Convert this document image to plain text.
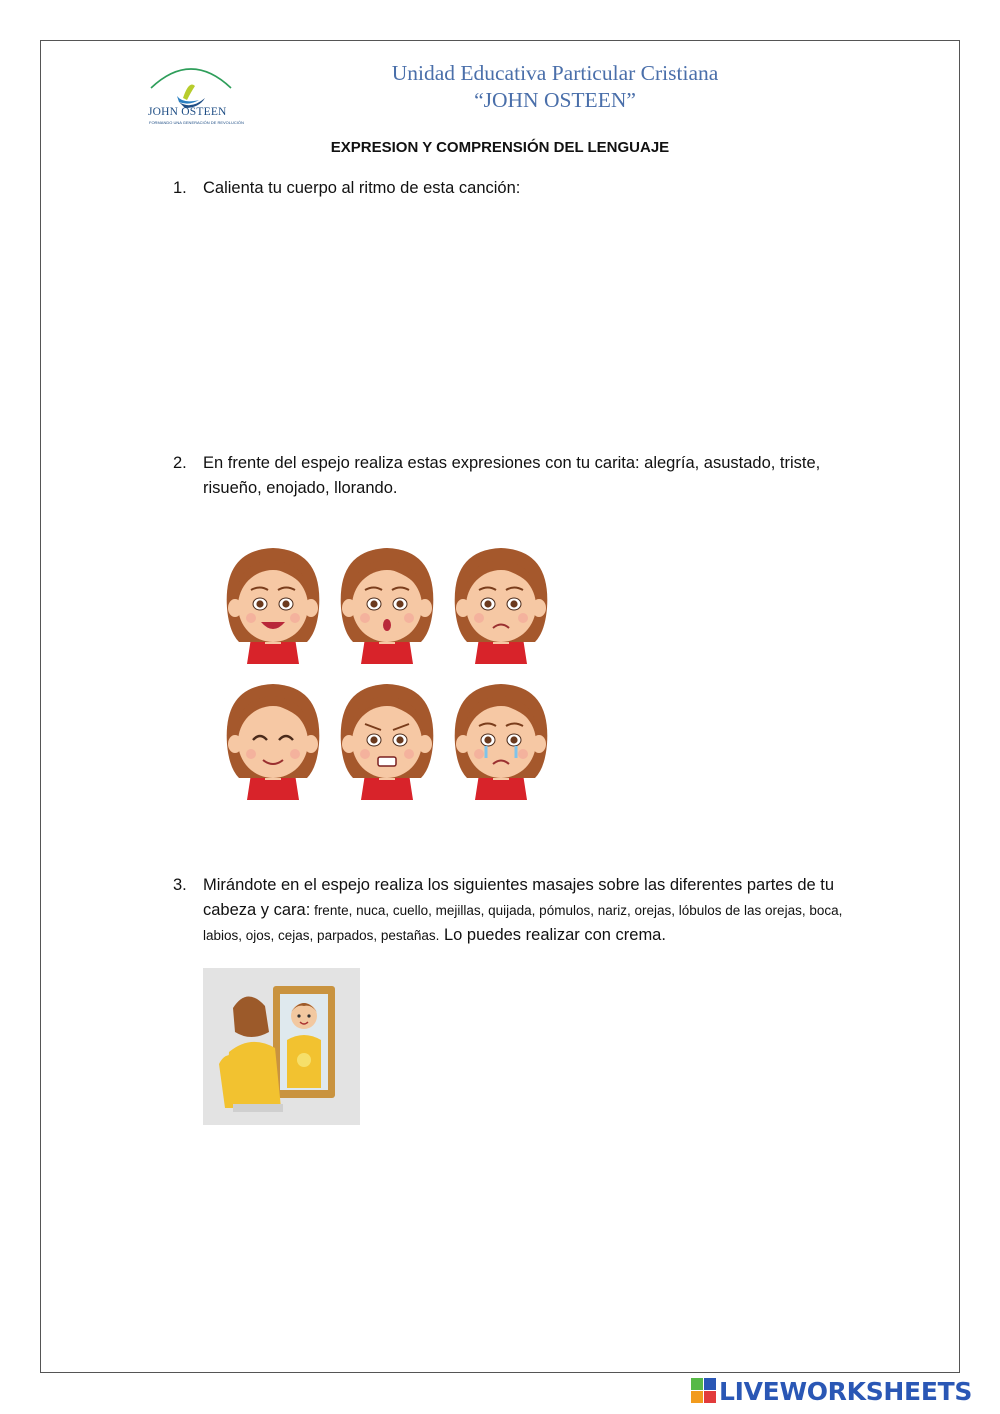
JOHN OSTEEN
FORMANDO UNA GENERACIÓN DE REVOLUCIÓN
Unidad Educativa Particular Cristiana
“JOHN OSTEEN”
EXPRESION Y COMPRENSIÓN DEL LENGUAJE
1. Calienta tu cuerpo al ritmo de esta canción:
2. En frente del espejo realiza estas expresiones con tu carita: alegría, asustado, triste, risueño, enojado, llorando.
3. Mirándote en el espejo realiza los siguientes masajes sobre las diferentes partes de tu cabeza y cara: frente, nuca, cuello, mejillas, quijada, pómulos, nariz, orejas, lóbulos de las orejas, boca, labios, ojos, cejas, parpados, pestañas. Lo puedes realizar con crema.
LIVEWORKSHEETS
